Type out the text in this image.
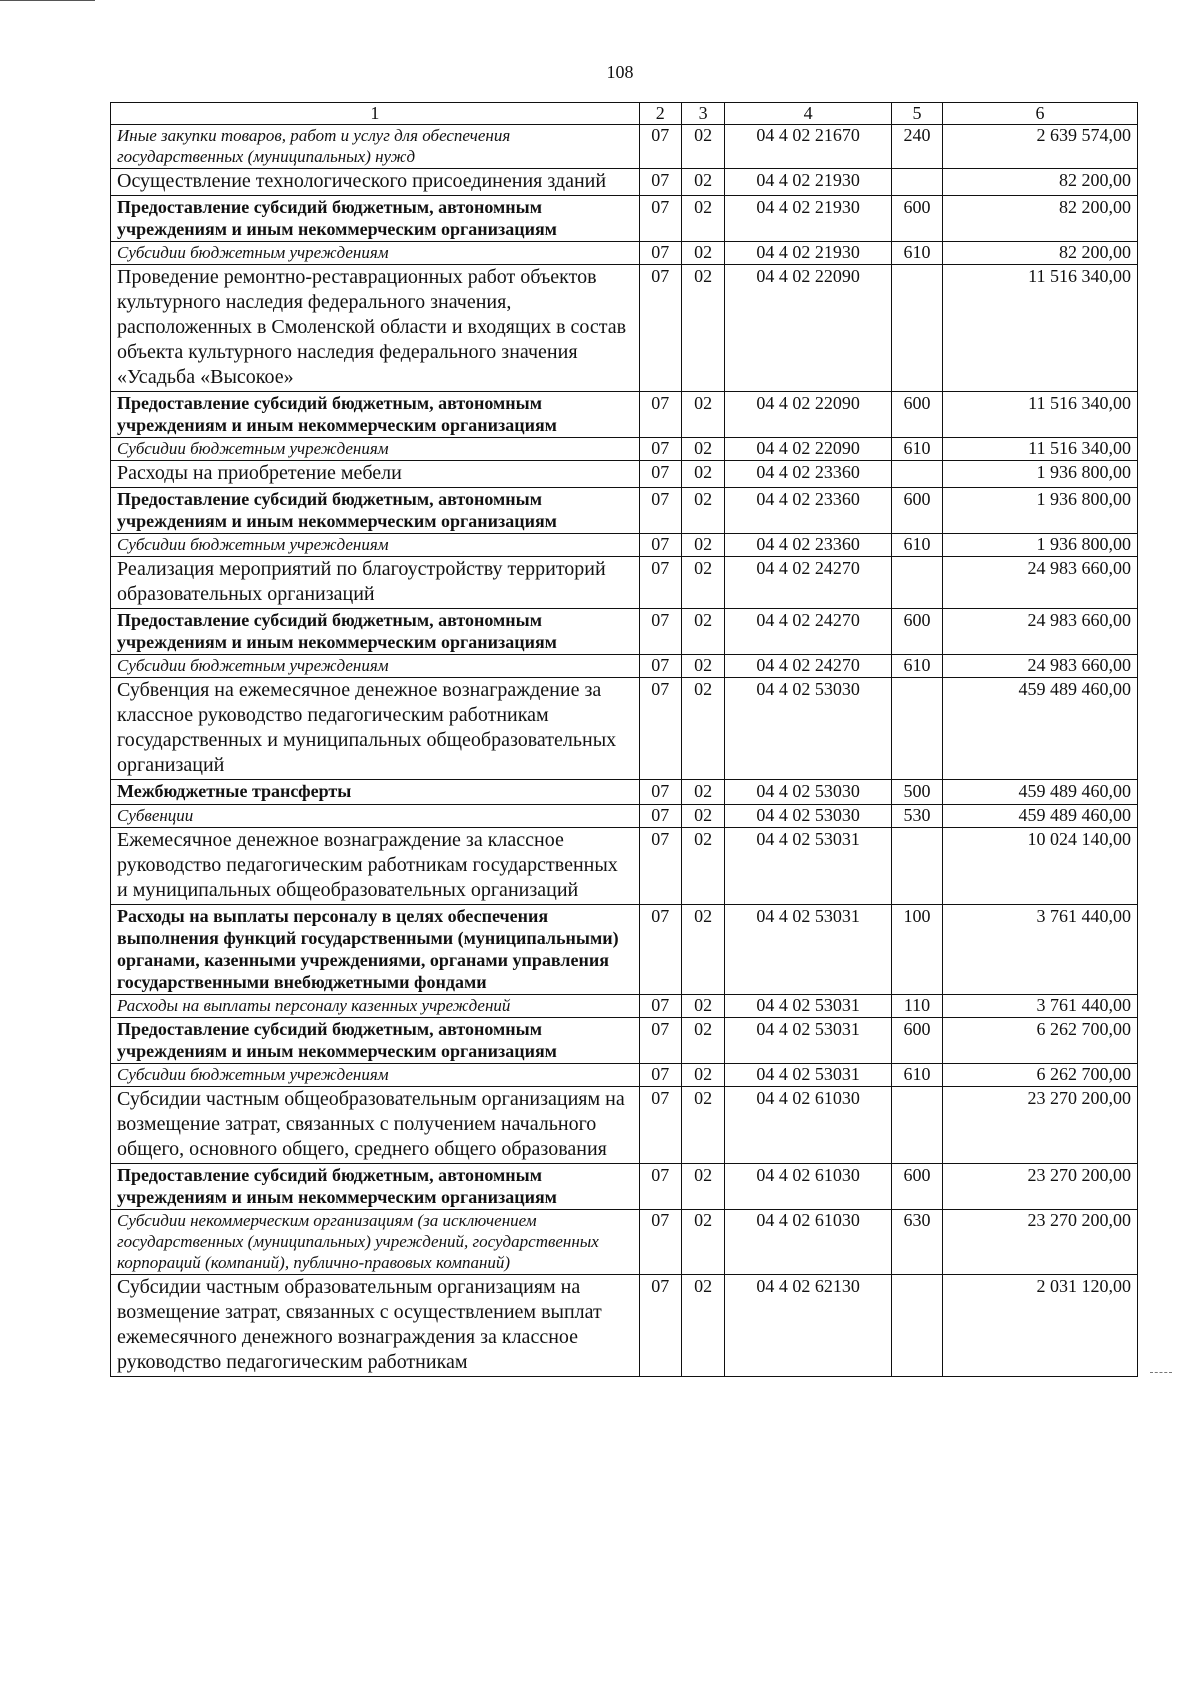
108
1	2	3	4	5	6
Иные закупки товаров, работ и услуг для обеспечения государственных (муниципальных) нужд	07	02	04 4 02 21670	240	2 639 574,00
Осуществление технологического присоединения зданий	07	02	04 4 02 21930		82 200,00
Предоставление субсидий бюджетным, автономным учреждениям и иным некоммерческим организациям	07	02	04 4 02 21930	600	82 200,00
Субсидии бюджетным учреждениям	07	02	04 4 02 21930	610	82 200,00
Проведение ремонтно-реставрационных работ объектов культурного наследия федерального значения, расположенных в Смоленской области и входящих в состав объекта культурного наследия федерального значения «Усадьба «Высокое»	07	02	04 4 02 22090		11 516 340,00
Предоставление субсидий бюджетным, автономным учреждениям и иным некоммерческим организациям	07	02	04 4 02 22090	600	11 516 340,00
Субсидии бюджетным учреждениям	07	02	04 4 02 22090	610	11 516 340,00
Расходы на приобретение мебели	07	02	04 4 02 23360		1 936 800,00
Предоставление субсидий бюджетным, автономным учреждениям и иным некоммерческим организациям	07	02	04 4 02 23360	600	1 936 800,00
Субсидии бюджетным учреждениям	07	02	04 4 02 23360	610	1 936 800,00
Реализация мероприятий по благоустройству территорий образовательных организаций	07	02	04 4 02 24270		24 983 660,00
Предоставление субсидий бюджетным, автономным учреждениям и иным некоммерческим организациям	07	02	04 4 02 24270	600	24 983 660,00
Субсидии бюджетным учреждениям	07	02	04 4 02 24270	610	24 983 660,00
Субвенция на ежемесячное денежное вознаграждение за классное руководство педагогическим работникам государственных и муниципальных общеобразовательных организаций	07	02	04 4 02 53030		459 489 460,00
Межбюджетные трансферты	07	02	04 4 02 53030	500	459 489 460,00
Субвенции	07	02	04 4 02 53030	530	459 489 460,00
Ежемесячное денежное вознаграждение за классное руководство педагогическим работникам государственных и муниципальных общеобразовательных организаций	07	02	04 4 02 53031		10 024 140,00
Расходы на выплаты персоналу в целях обеспечения выполнения функций государственными (муниципальными) органами, казенными учреждениями, органами управления государственными внебюджетными фондами	07	02	04 4 02 53031	100	3 761 440,00
Расходы на выплаты персоналу казенных учреждений	07	02	04 4 02 53031	110	3 761 440,00
Предоставление субсидий бюджетным, автономным учреждениям и иным некоммерческим организациям	07	02	04 4 02 53031	600	6 262 700,00
Субсидии бюджетным учреждениям	07	02	04 4 02 53031	610	6 262 700,00
Субсидии частным общеобразовательным организациям на возмещение затрат, связанных с получением начального общего, основного общего, среднего общего образования	07	02	04 4 02 61030		23 270 200,00
Предоставление субсидий бюджетным, автономным учреждениям и иным некоммерческим организациям	07	02	04 4 02 61030	600	23 270 200,00
Субсидии некоммерческим организациям (за исключением государственных (муниципальных) учреждений, государственных корпораций (компаний), публично-правовых компаний)	07	02	04 4 02 61030	630	23 270 200,00
Субсидии частным образовательным организациям на возмещение затрат, связанных с осуществлением выплат ежемесячного денежного вознаграждения за классное руководство педагогическим работникам	07	02	04 4 02 62130		2 031 120,00
